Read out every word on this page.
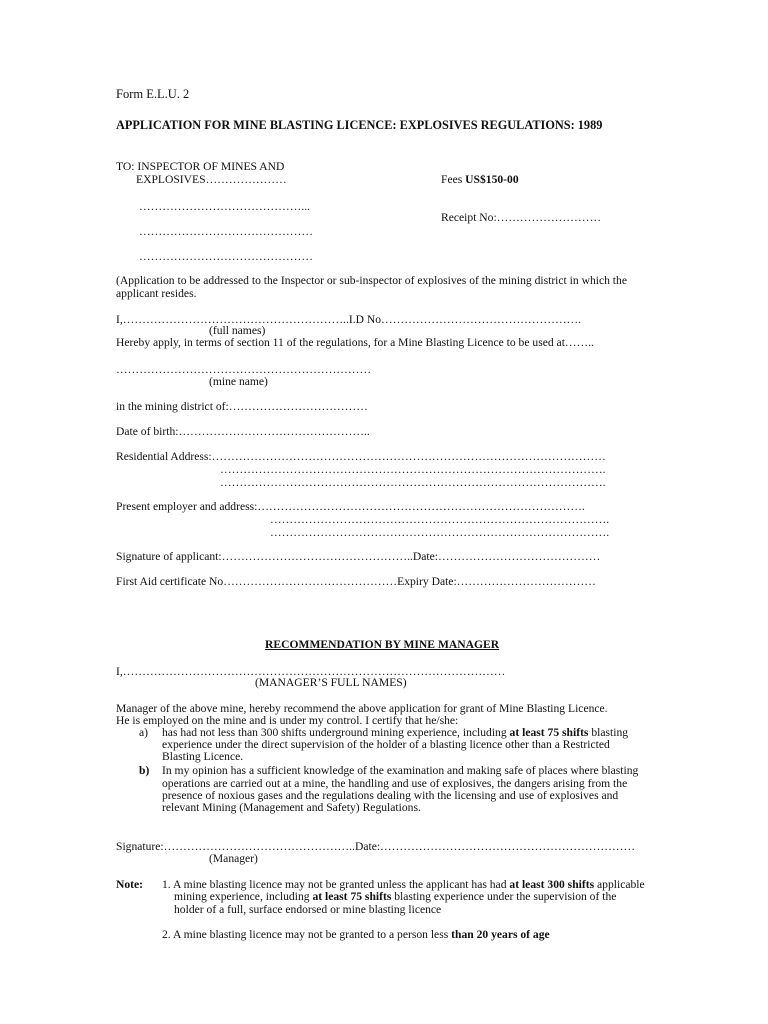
Form E.L.U. 2
APPLICATION FOR MINE BLASTING LICENCE: EXPLOSIVES REGULATIONS: 1989
TO: INSPECTOR OF MINES AND
EXPLOSIVES…………………	Fees US$150-00
……………………………………...
Receipt No:………………………
………………………………………
………………………………………
(Application to be addressed to the Inspector or sub-inspector of explosives of the mining district in which the
applicant resides.
I,…………………………………………………..I.D No…………………………………………….
(full names)
Hereby apply, in terms of section 11 of the regulations, for a Mine Blasting Licence to be used at……..
…………………………………………………………
(mine name)
in the mining district of:………………………………
Date of birth:…………………………………………..
Residential Address:…………………………………………………………………………………………
……………………………………………………………………………………….
……………………………………………………………………………………….
Present employer and address:………………………………………………………………………….
…………………………………………………………………………….
…………………………………………………………………………….
Signature of applicant:…………………………………………..Date:……………………………………
First Aid certificate No………………………………………Expiry Date:………………………………
RECOMMENDATION BY MINE MANAGER
I,………………………………………………………………………………………
(MANAGER’S FULL NAMES)
Manager of the above mine, hereby recommend the above application for grant of Mine Blasting Licence.
He is employed on the mine and is under my control. I certify that he/she:
a) has had not less than 300 shifts underground mining experience, including at least 75 shifts blasting
experience under the direct supervision of the holder of a blasting licence other than a Restricted
Blasting Licence.
b) In my opinion has a sufficient knowledge of the examination and making safe of places where blasting
operations are carried out at a mine, the handling and use of explosives, the dangers arising from the
presence of noxious gases and the regulations dealing with the licensing and use of explosives and
relevant Mining (Management and Safety) Regulations.
Signature:…………………………………………..Date:…………………………………………………………
(Manager)
Note: 1. A mine blasting licence may not be granted unless the applicant has had at least 300 shifts applicable
mining experience, including at least 75 shifts blasting experience under the supervision of the
holder of a full, surface endorsed or mine blasting licence
2. A mine blasting licence may not be granted to a person less than 20 years of age
